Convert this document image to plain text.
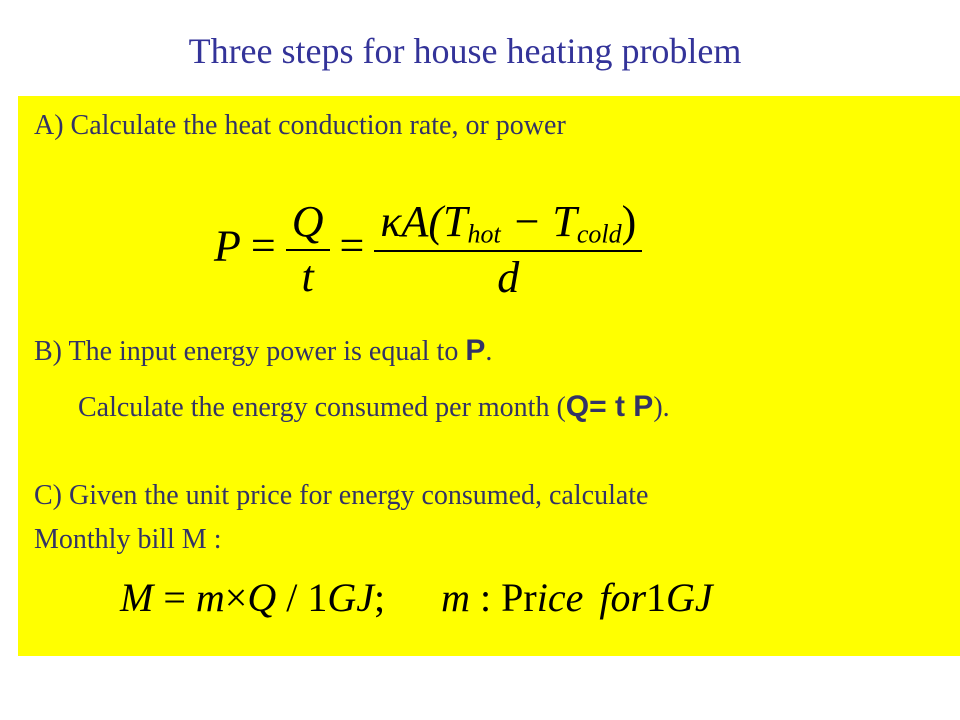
Three steps for house heating problem
A) Calculate the heat conduction rate, or power
$P = \frac{Q}{t} = \frac{\kappa A(T_{hot} - T_{cold})}{d}$
B) The input energy power is equal to P.
Calculate the energy consumed per month (Q= t P).
C) Given the unit price for energy consumed, calculate
Monthly bill M :
M = m×Q / 1GJ; m : Price for1GJ
